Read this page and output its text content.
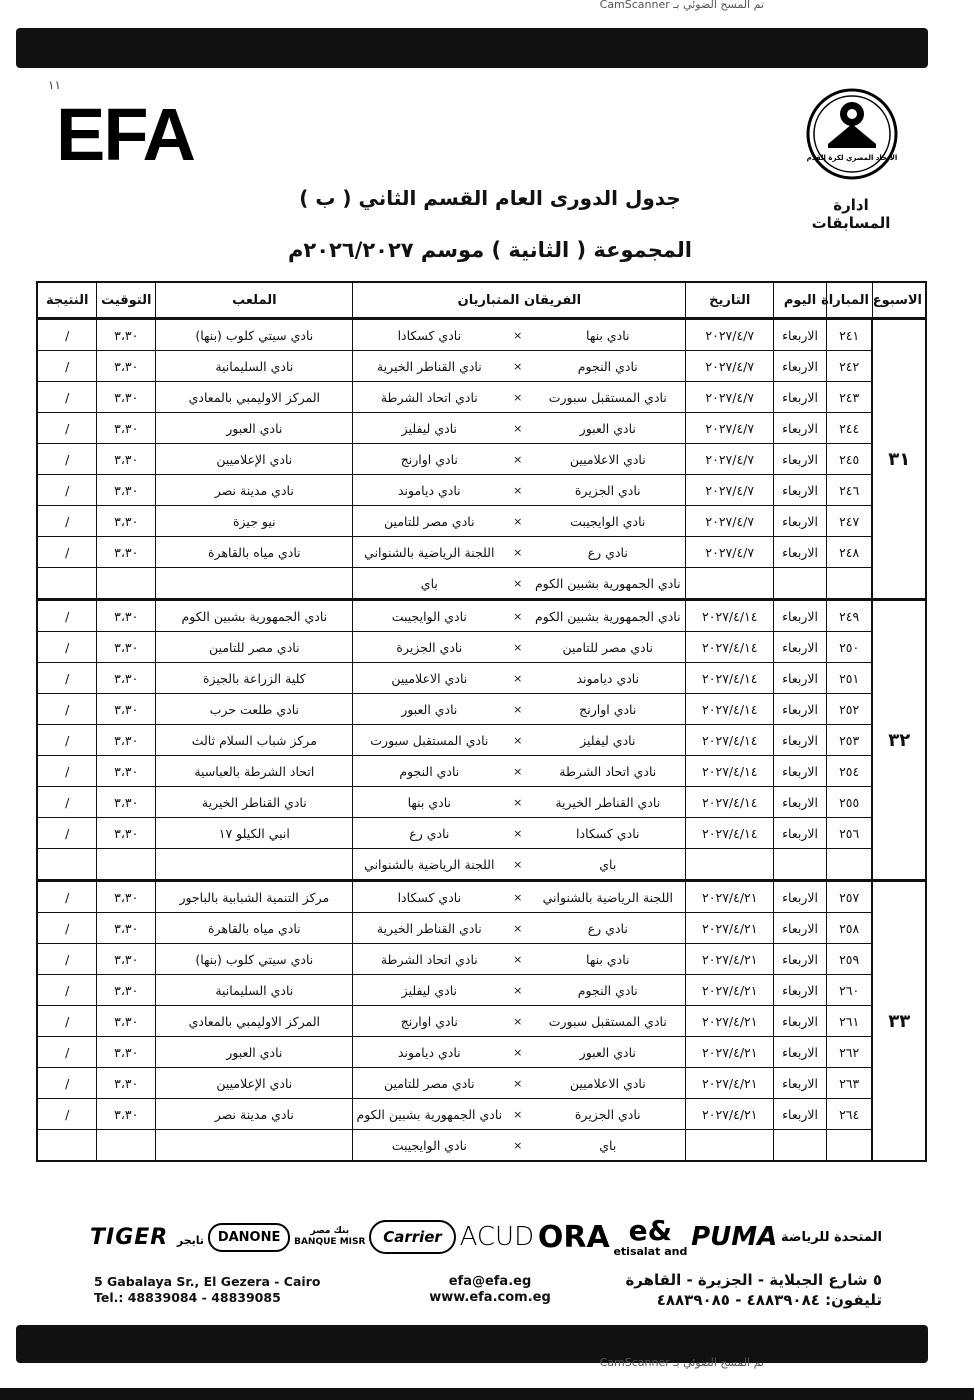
تم المسح الضوئي بـ CamScanner
١١
EFA	الاتحاد المصري لكرة القدم
ادارة المسابقات
جدول الدورى العام القسم الثاني ( ب )
المجموعة ( الثانية ) موسم ٢٠٢٦/٢٠٢٧م
الاسبوع	المباراة	اليوم	التاريخ	الفريقان المتباريان			الملعب	التوقيت	النتيجة
٣١	٢٤١	الاربعاء	٢٠٢٧/٤/٧	نادي بنها	×	نادي كسكادا	نادي سيتي كلوب (بنها)	٣،٣٠	/
	٢٤٢	الاربعاء	٢٠٢٧/٤/٧	نادي النجوم	×	نادي القناطر الخيرية	نادي السليمانية	٣،٣٠	/
	٢٤٣	الاربعاء	٢٠٢٧/٤/٧	نادي المستقبل سبورت	×	نادي اتحاد الشرطة	المركز الاوليمبي بالمعادي	٣،٣٠	/
	٢٤٤	الاربعاء	٢٠٢٧/٤/٧	نادي العبور	×	نادي ليفليز	نادي العبور	٣،٣٠	/
	٢٤٥	الاربعاء	٢٠٢٧/٤/٧	نادي الاعلاميين	×	نادي اوارنج	نادي الإعلاميين	٣،٣٠	/
	٢٤٦	الاربعاء	٢٠٢٧/٤/٧	نادي الجزيرة	×	نادي دياموند	نادي مدينة نصر	٣،٣٠	/
	٢٤٧	الاربعاء	٢٠٢٧/٤/٧	نادي الوايجيبت	×	نادي مصر للتامين	نيو جيزة	٣،٣٠	/
	٢٤٨	الاربعاء	٢٠٢٧/٤/٧	نادي رع	×	اللجنة الرياضية بالشنواني	نادي مياه بالقاهرة	٣،٣٠	/
				نادي الجمهورية بشبين الكوم	×	باي			
٣٢	٢٤٩	الاربعاء	٢٠٢٧/٤/١٤	نادي الجمهورية بشبين الكوم	×	نادي الوايجيبت	نادي الجمهورية بشبين الكوم	٣،٣٠	/
	٢٥٠	الاربعاء	٢٠٢٧/٤/١٤	نادي مصر للتامين	×	نادي الجزيرة	نادي مصر للتامين	٣،٣٠	/
	٢٥١	الاربعاء	٢٠٢٧/٤/١٤	نادي دياموند	×	نادي الاعلاميين	كلية الزراعة بالجيزة	٣،٣٠	/
	٢٥٢	الاربعاء	٢٠٢٧/٤/١٤	نادي اوارنج	×	نادي العبور	نادي طلعت حرب	٣،٣٠	/
	٢٥٣	الاربعاء	٢٠٢٧/٤/١٤	نادي ليفليز	×	نادي المستقبل سبورت	مركز شباب السلام ثالث	٣،٣٠	/
	٢٥٤	الاربعاء	٢٠٢٧/٤/١٤	نادي اتحاد الشرطة	×	نادي النجوم	اتحاد الشرطة بالعباسية	٣،٣٠	/
	٢٥٥	الاربعاء	٢٠٢٧/٤/١٤	نادي القناطر الخيرية	×	نادي بنها	نادي القناطر الخيرية	٣،٣٠	/
	٢٥٦	الاربعاء	٢٠٢٧/٤/١٤	نادي كسكادا	×	نادي رع	انبي الكيلو ١٧	٣،٣٠	/
				باي	×	اللجنة الرياضية بالشنواني			
٣٣	٢٥٧	الاربعاء	٢٠٢٧/٤/٢١	اللجنة الرياضية بالشنواني	×	نادي كسكادا	مركز التنمية الشبابية بالباجور	٣،٣٠	/
	٢٥٨	الاربعاء	٢٠٢٧/٤/٢١	نادي رع	×	نادي القناطر الخيرية	نادي مياه بالقاهرة	٣،٣٠	/
	٢٥٩	الاربعاء	٢٠٢٧/٤/٢١	نادي بنها	×	نادي اتحاد الشرطة	نادي سيتي كلوب (بنها)	٣،٣٠	/
	٢٦٠	الاربعاء	٢٠٢٧/٤/٢١	نادي النجوم	×	نادي ليفليز	نادي السليمانية	٣،٣٠	/
	٢٦١	الاربعاء	٢٠٢٧/٤/٢١	نادي المستقبل سبورت	×	نادي اوارنج	المركز الاوليمبي بالمعادي	٣،٣٠	/
	٢٦٢	الاربعاء	٢٠٢٧/٤/٢١	نادي العبور	×	نادي دياموند	نادي العبور	٣،٣٠	/
	٢٦٣	الاربعاء	٢٠٢٧/٤/٢١	نادي الاعلاميين	×	نادي مصر للتامين	نادي الإعلاميين	٣،٣٠	/
	٢٦٤	الاربعاء	٢٠٢٧/٤/٢١	نادي الجزيرة	×	نادي الجمهورية بشبين الكوم	نادي مدينة نصر	٣،٣٠	/
				باي	×	نادي الوايجيبت			
TIGER تايجر	DANONE	بنك مصر
BANQUE MISR	Carrier ACUD ORA e&
etisalat and PUMA المتحدة للرياضة
5 Gabalaya Sr., El Gezera - Cairo
Tel.: 48839084 - 48839085
efa@efa.eg
www.efa.com.eg
٥ شارع الجبلاية - الجزيرة - القاهرة
تليفون: ٤٨٨٣٩٠٨٤ - ٤٨٨٣٩٠٨٥
تم المسح الضوئي بـ CamScanner
